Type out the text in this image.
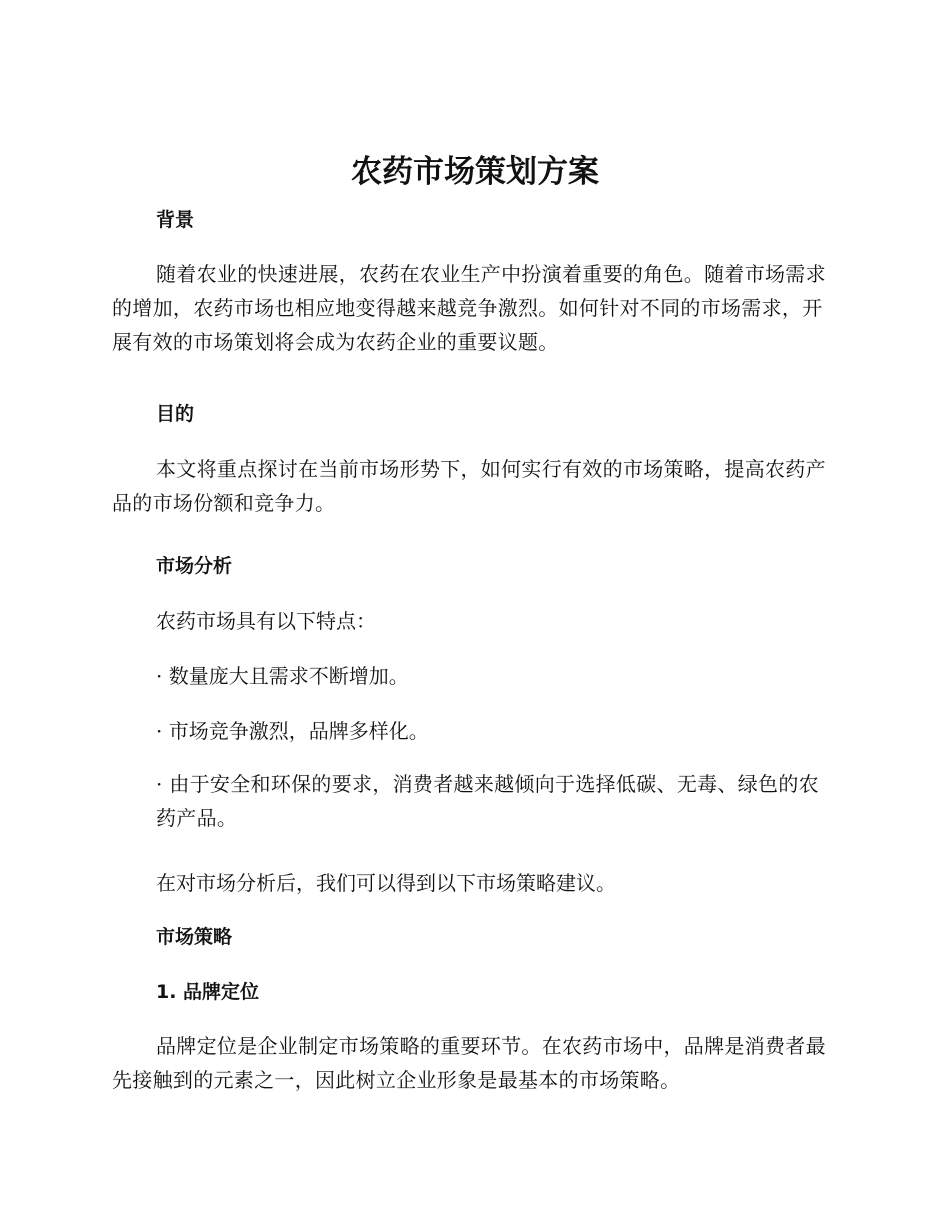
农药市场策划方案
背景

随着农业的快速进展，农药在农业生产中扮演着重要的角色。随着市场需求的增加，农药市场也相应地变得越来越竞争激烈。如何针对不同的市场需求，开展有效的市场策划将会成为农药企业的重要议题。

目的

本文将重点探讨在当前市场形势下，如何实行有效的市场策略，提高农药产品的市场份额和竞争力。

市场分析

农药市场具有以下特点：

· 数量庞大且需求不断增加。

· 市场竞争激烈，品牌多样化。

· 由于安全和环保的要求，消费者越来越倾向于选择低碳、无毒、绿色的农药产品。

在对市场分析后，我们可以得到以下市场策略建议。

市场策略
1. 品牌定位

品牌定位是企业制定市场策略的重要环节。在农药市场中，品牌是消费者最先接触到的元素之一，因此树立企业形象是最基本的市场策略。
